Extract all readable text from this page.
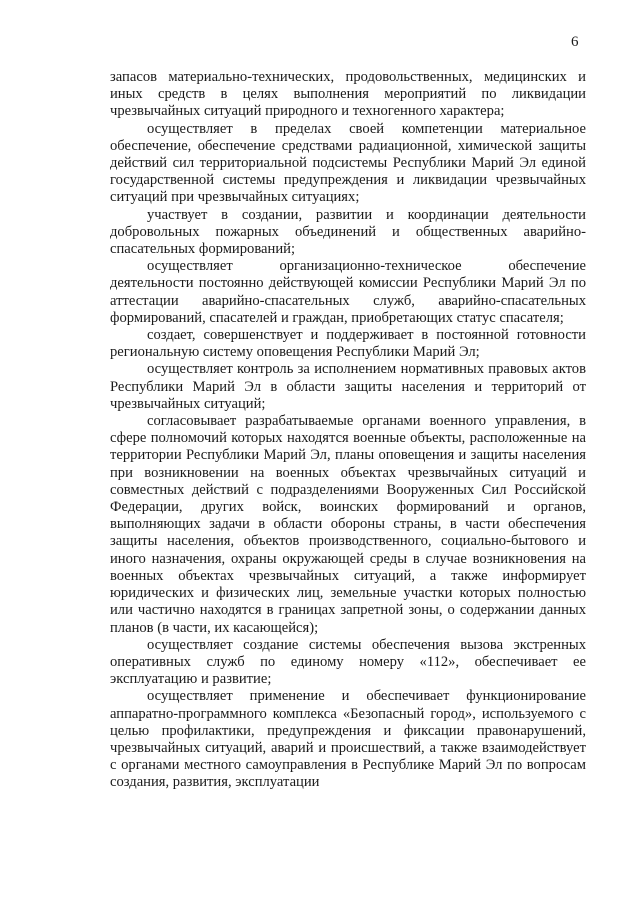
6

запасов материально-технических, продовольственных, медицинских и иных средств в целях выполнения мероприятий по ликвидации чрезвычайных ситуаций природного и техногенного характера;

осуществляет в пределах своей компетенции материальное обеспечение, обеспечение средствами радиационной, химической защиты действий сил территориальной подсистемы Республики Марий Эл единой государственной системы предупреждения и ликвидации чрезвычайных ситуаций при чрезвычайных ситуациях;

участвует в создании, развитии и координации деятельности добровольных пожарных объединений и общественных аварийно-спасательных формирований;

осуществляет организационно-техническое обеспечение деятельности постоянно действующей комиссии Республики Марий Эл по аттестации аварийно-спасательных служб, аварийно-спасательных формирований, спасателей и граждан, приобретающих статус спасателя;

создает, совершенствует и поддерживает в постоянной готовности региональную систему оповещения Республики Марий Эл;

осуществляет контроль за исполнением нормативных правовых актов Республики Марий Эл в области защиты населения и территорий от чрезвычайных ситуаций;

согласовывает разрабатываемые органами военного управления, в сфере полномочий которых находятся военные объекты, расположенные на территории Республики Марий Эл, планы оповещения и защиты населения при возникновении на военных объектах чрезвычайных ситуаций и совместных действий с подразделениями Вооруженных Сил Российской Федерации, других войск, воинских формирований и органов, выполняющих задачи в области обороны страны, в части обеспечения защиты населения, объектов производственного, социально-бытового и иного назначения, охраны окружающей среды в случае возникновения на военных объектах чрезвычайных ситуаций, а также информирует юридических и физических лиц, земельные участки которых полностью или частично находятся в границах запретной зоны, о содержании данных планов (в части, их касающейся);

осуществляет создание системы обеспечения вызова экстренных оперативных служб по единому номеру «112», обеспечивает ее эксплуатацию и развитие;

осуществляет применение и обеспечивает функционирование аппаратно-программного комплекса «Безопасный город», используемого с целью профилактики, предупреждения и фиксации правонарушений, чрезвычайных ситуаций, аварий и происшествий, а также взаимодействует с органами местного самоуправления в Республике Марий Эл по вопросам создания, развития, эксплуатации
